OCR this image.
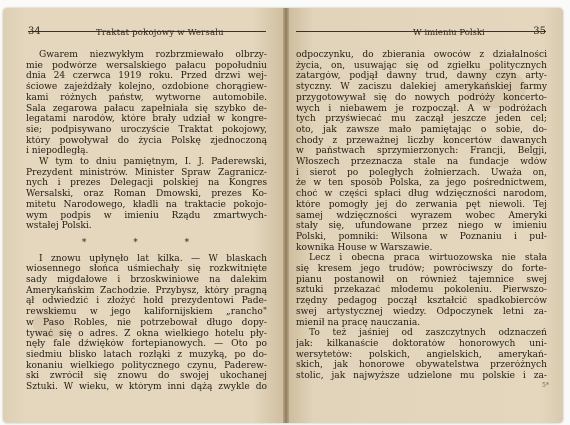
34	Traktat pokojowy w Wersalu
Gwarem niezwykłym rozbrzmiewało olbrzy-
mie podwórze wersalskiego pałacu popołudniu
dnia 24 czerwca 1919 roku. Przed drzwi wej-
ściowe zajeżdżały kolejno, ozdobione chorągiew-
kami różnych państw, wytworne automobile.
Sala zegarowa pałacu zapełniała się szybko de-
legatami narodów, które brały udział w kongre-
sie; podpisywano uroczyście Traktat pokojowy,
który powoływał do życia Polskę zjednoczoną
i niepodległą.
W tym to dniu pamiętnym, I. J. Paderewski,
Prezydent ministrów. Minister Spraw Zagranicz-
nych i prezes Delegacji polskiej na Kongres
Wersalski, oraz Roman Dmowski, prezes Ko-
mitetu Narodowego, kładli na traktacie pokojo-
wym podpis w imieniu Rządu zmartwych-
wstałej Polski.
* * *
I znowu upłynęło lat kilka. — W blaskach
wiosennego słońca uśmiechały się rozkwitnięte
sady migdałowe i brzoskwiniowe na dalekim
Amerykańskim Zachodzie. Przybysz, który pragną
ął odwiedzić i złożyć hołd prezydentowi Pade-
rewskiemu w jego kalifornijskiem „rancho"
w Paso Robles, nie potrzebował długo dopy-
tywać się o adres. Z okna wielkiego hotelu pły-
nęły fale dźwięków fortepianowych. — Oto po
siedmiu blisko latach rozłąki z muzyką, po do-
konaniu wielkiego politycznego czynu, Paderew-
ski zwrócił się znowu do swojej ukochanej
Sztuki. W wieku, w którym inni dążą zwykle do
W imieniu Polski	35
odpoczynku, do zbierania owoców z działalności
życia, on, usuwając się od zgiełku politycznych
zatargów, podjął dawny trud, dawny czyn arty-
styczny. W zaciszu dalekiej amerykańskiej farmy
przygotowywał się do nowych podróży koncerto-
wych i niebawem je rozpoczął. A w podróżach
tych przyświecać mu zaczął jeszcze jeden cel;
oto, jak zawsze mało pamiętając o sobie, do-
chody z przeważnej liczby koncertów dawanych
w państwach sprzymierzonych: Francji, Belgji,
Włoszech przeznacza stale na fundacje wdów
i sierot po poległych żołnierzach. Uważa on,
że w ten sposób Polska, za jego pośrednictwem,
choć w części spłaci dług wdzięczności narodom,
które pomogły jej do zerwania pęt niewoli. Tej
samej wdzięczności wyrazem wobec Ameryki
stały się, ufundowane przez niego w imieniu
Polski, pomniki: Wilsona w Poznaniu i puł-
kownika House w Warszawie.
Lecz i obecna praca wirtuozowska nie stała
się kresem jego trudów; powróciwszy do forte-
pianu postanowił on również tajemnice swej
sztuki przekazać młodemu pokoleniu. Pierwszo-
rzędny pedagog począł kształcić spadkobierców
swej artystycznej wiedzy. Odpoczynek letni za-
mienił na pracę nauczania.
To też jaśniej od zaszczytnych odznaczeń
jak: kilkanaście doktoratów honorowych uni-
wersytetów: polskich, angielskich, amerykań-
skich, jak honorowe obywatelstwa przeróżnych
stolic, jak najwyższe udzielone mu polskie i za-
5*
